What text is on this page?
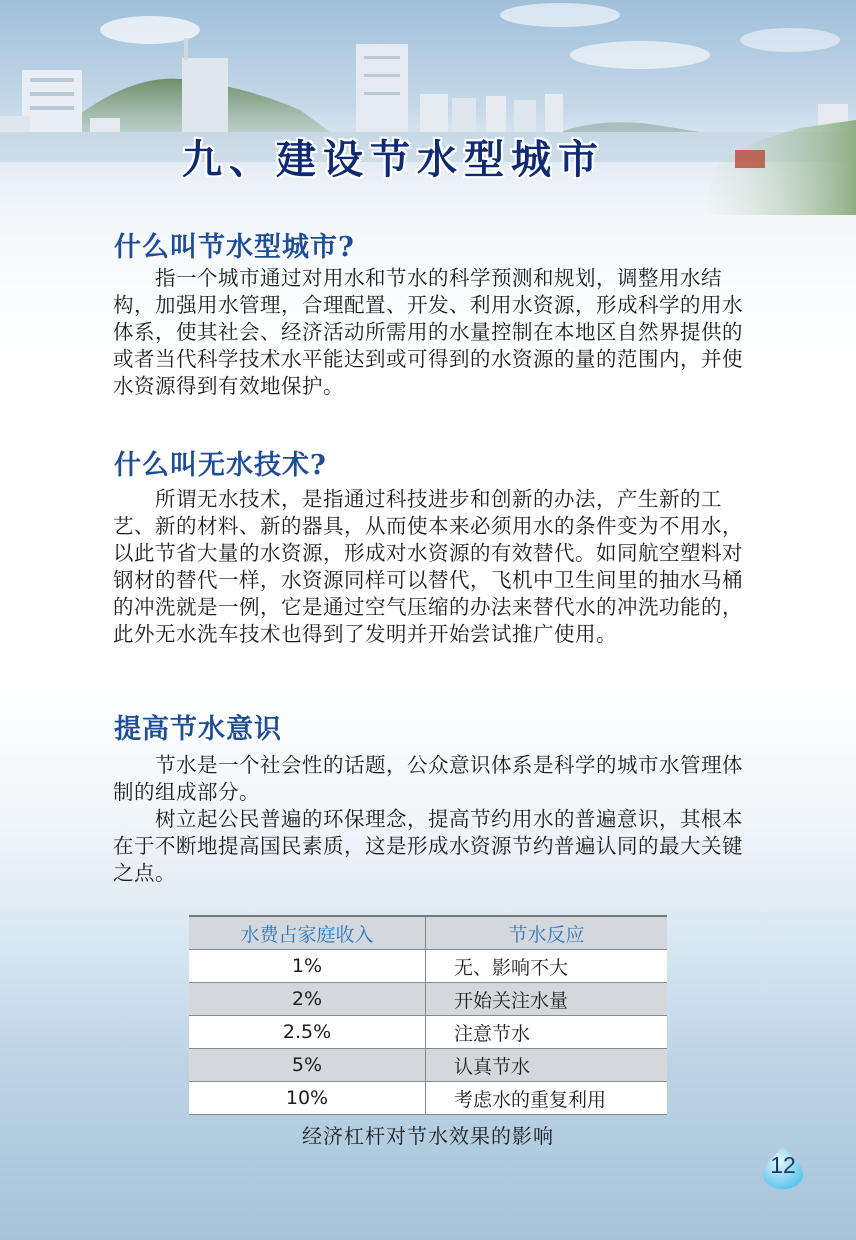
九、建设节水型城市
什么叫节水型城市?

指一个城市通过对用水和节水的科学预测和规划，调整用水结构，加强用水管理，合理配置、开发、利用水资源，形成科学的用水体系，使其社会、经济活动所需用的水量控制在本地区自然界提供的或者当代科学技术水平能达到或可得到的水资源的量的范围内，并使水资源得到有效地保护。

什么叫无水技术?

所谓无水技术，是指通过科技进步和创新的办法，产生新的工艺、新的材料、新的器具，从而使本来必须用水的条件变为不用水，以此节省大量的水资源，形成对水资源的有效替代。如同航空塑料对钢材的替代一样，水资源同样可以替代，飞机中卫生间里的抽水马桶的冲洗就是一例，它是通过空气压缩的办法来替代水的冲洗功能的，此外无水洗车技术也得到了发明并开始尝试推广使用。

提高节水意识

节水是一个社会性的话题，公众意识体系是科学的城市水管理体制的组成部分。

树立起公民普遍的环保理念，提高节约用水的普遍意识，其根本在于不断地提高国民素质，这是形成水资源节约普遍认同的最大关键之点。

水费占家庭收入	节水反应
1%	无、影响不大
2%	开始关注水量
2.5%	注意节水
5%	认真节水
10%	考虑水的重复利用

经济杠杆对节水效果的影响

12
